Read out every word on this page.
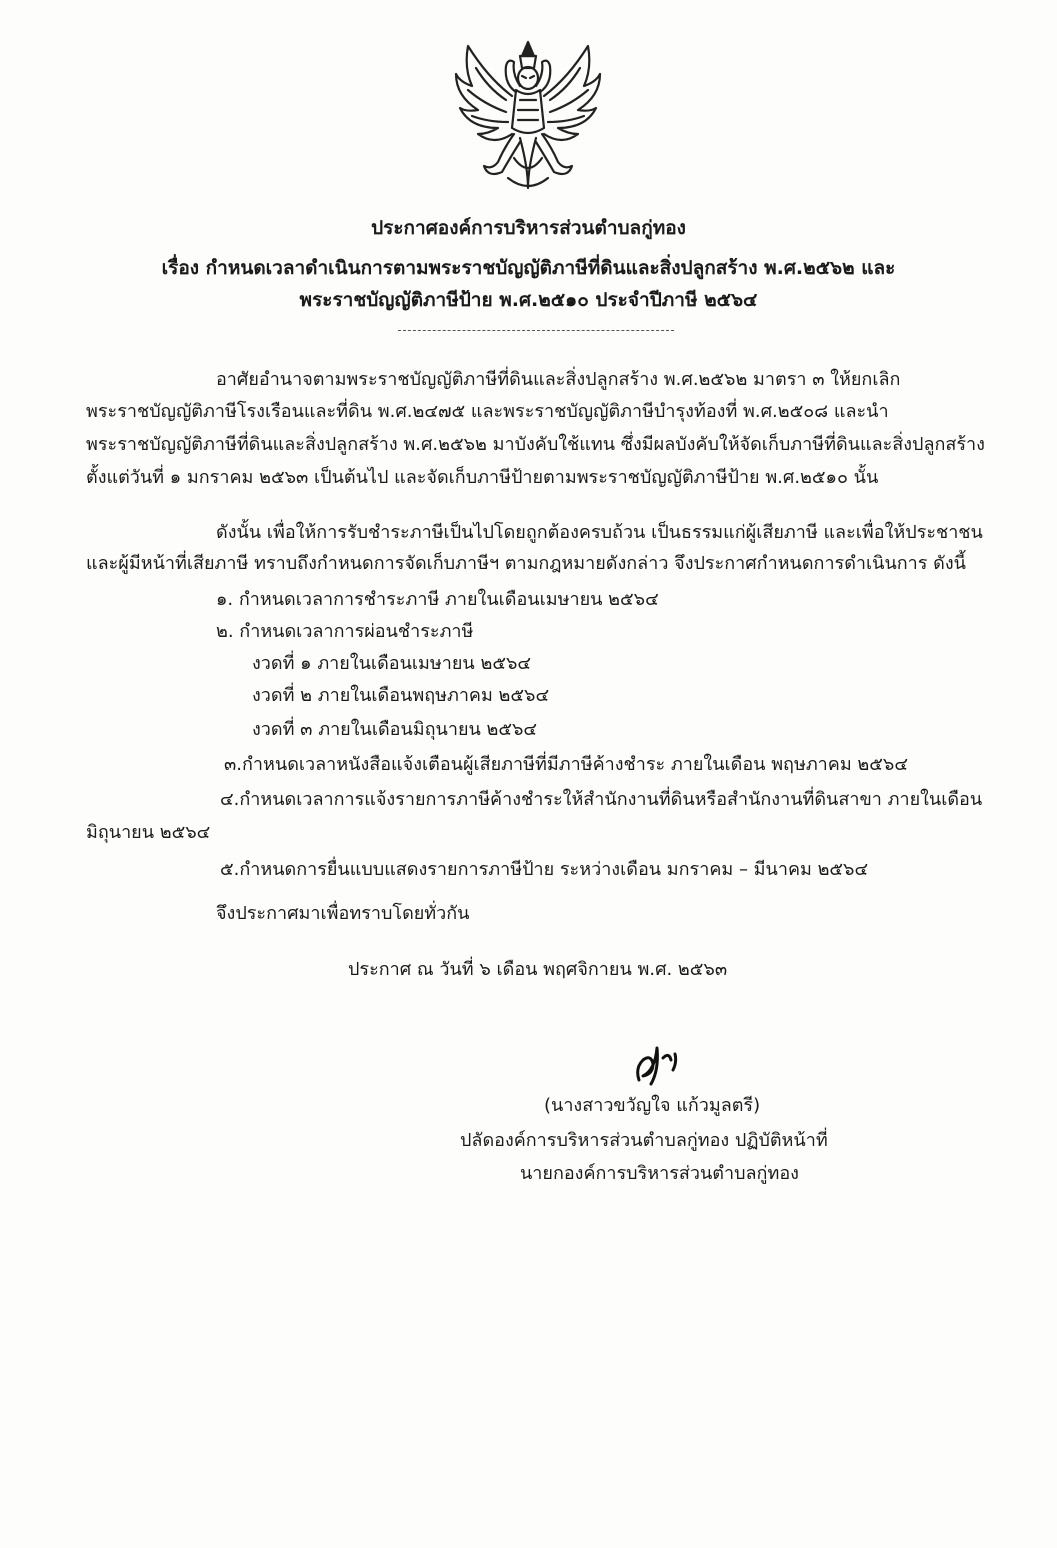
ประกาศองค์การบริหารส่วนตำบลกู่ทอง
เรื่อง กำหนดเวลาดำเนินการตามพระราชบัญญัติภาษีที่ดินและสิ่งปลูกสร้าง พ.ศ.๒๕๖๒ และ
พระราชบัญญัติภาษีป้าย พ.ศ.๒๕๑๐ ประจำปีภาษี ๒๕๖๔
อาศัยอำนาจตามพระราชบัญญัติภาษีที่ดินและสิ่งปลูกสร้าง พ.ศ.๒๕๖๒ มาตรา ๓ ให้ยกเลิก
พระราชบัญญัติภาษีโรงเรือนและที่ดิน พ.ศ.๒๔๗๕ และพระราชบัญญัติภาษีบำรุงท้องที่ พ.ศ.๒๕๐๘ และนำ
พระราชบัญญัติภาษีที่ดินและสิ่งปลูกสร้าง พ.ศ.๒๕๖๒ มาบังคับใช้แทน ซึ่งมีผลบังคับให้จัดเก็บภาษีที่ดินและสิ่งปลูกสร้าง
ตั้งแต่วันที่ ๑ มกราคม ๒๕๖๓ เป็นต้นไป และจัดเก็บภาษีป้ายตามพระราชบัญญัติภาษีป้าย พ.ศ.๒๕๑๐ นั้น
ดังนั้น เพื่อให้การรับชำระภาษีเป็นไปโดยถูกต้องครบถ้วน เป็นธรรมแก่ผู้เสียภาษี และเพื่อให้ประชาชน
และผู้มีหน้าที่เสียภาษี ทราบถึงกำหนดการจัดเก็บภาษีฯ ตามกฎหมายดังกล่าว จึงประกาศกำหนดการดำเนินการ ดังนี้
๑. กำหนดเวลาการชำระภาษี ภายในเดือนเมษายน ๒๕๖๔
๒. กำหนดเวลาการผ่อนชำระภาษี
งวดที่ ๑ ภายในเดือนเมษายน ๒๕๖๔
งวดที่ ๒ ภายในเดือนพฤษภาคม ๒๕๖๔
งวดที่ ๓ ภายในเดือนมิถุนายน ๒๕๖๔
๓.กำหนดเวลาหนังสือแจ้งเตือนผู้เสียภาษีที่มีภาษีค้างชำระ ภายในเดือน พฤษภาคม ๒๕๖๔
๔.กำหนดเวลาการแจ้งรายการภาษีค้างชำระให้สำนักงานที่ดินหรือสำนักงานที่ดินสาขา ภายในเดือน
มิถุนายน ๒๕๖๔
๕.กำหนดการยื่นแบบแสดงรายการภาษีป้าย ระหว่างเดือน มกราคม – มีนาคม ๒๕๖๔
จึงประกาศมาเพื่อทราบโดยทั่วกัน
ประกาศ ณ วันที่ ๖ เดือน พฤศจิกายน พ.ศ. ๒๕๖๓
(นางสาวขวัญใจ แก้วมูลตรี)
ปลัดองค์การบริหารส่วนตำบลกู่ทอง ปฏิบัติหน้าที่
นายกองค์การบริหารส่วนตำบลกู่ทอง
